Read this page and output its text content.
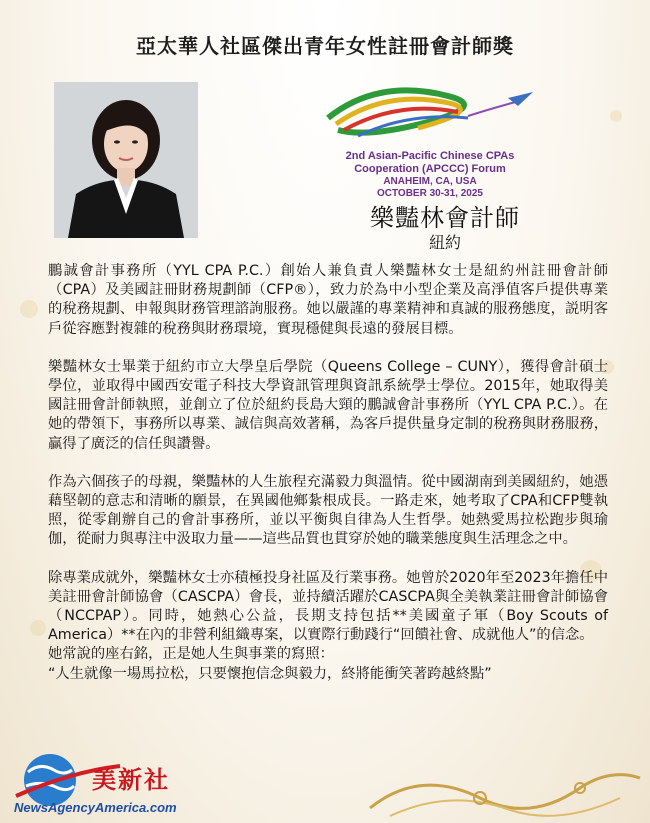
亞太華人社區傑出青年女性註冊會計師獎
2nd Asian-Pacific Chinese CPAs
Cooperation (APCCC) Forum
ANAHEIM, CA, USA
OCTOBER 30-31, 2025
樂豔林會計師
紐約

鵬誠會計事務所（YYL CPA P.C.）創始人兼負責人樂豔林女士是紐約州註冊會計師（CPA）及美國註冊財務規劃師（CFP®），致力於為中小型企業及高淨值客戶提供專業的稅務規劃、申報與財務管理諮詢服務。她以嚴謹的專業精神和真誠的服務態度，説明客戶從容應對複雜的稅務與財務環境，實現穩健與長遠的發展目標。

樂豔林女士畢業于紐約市立大學皇后學院（Queens College – CUNY），獲得會計碩士學位，並取得中國西安電子科技大學資訊管理與資訊系統學士學位。2015年，她取得美國註冊會計師執照，並創立了位於紐約長島大頸的鵬誠會計事務所（YYL CPA P.C.）。在她的帶領下，事務所以專業、誠信與高效著稱，為客戶提供量身定制的稅務與財務服務，贏得了廣泛的信任與讚譽。

作為六個孩子的母親，樂豔林的人生旅程充滿毅力與溫情。從中國湖南到美國紐約，她憑藉堅韌的意志和清晰的願景，在異國他鄉紮根成長。一路走來，她考取了CPA和CFP雙執照，從零創辦自己的會計事務所，並以平衡與自律為人生哲學。她熱愛馬拉松跑步與瑜伽，從耐力與專注中汲取力量——這些品質也貫穿於她的職業態度與生活理念之中。

除專業成就外，樂豔林女士亦積極投身社區及行業事務。她曾於2020年至2023年擔任中美註冊會計師協會（CASCPA）會長，並持續活躍於CASCPA與全美執業註冊會計師協會（NCCPAP）。同時，她熱心公益，長期支持包括**美國童子軍（Boy Scouts of America）**在內的非營利組織專案，以實際行動踐行“回饋社會、成就他人”的信念。

她常說的座右銘，正是她人生與事業的寫照：

“人生就像一場馬拉松，只要懷抱信念與毅力，終將能衝笑著跨越終點”

美新社
NewsAgencyAmerica.com
